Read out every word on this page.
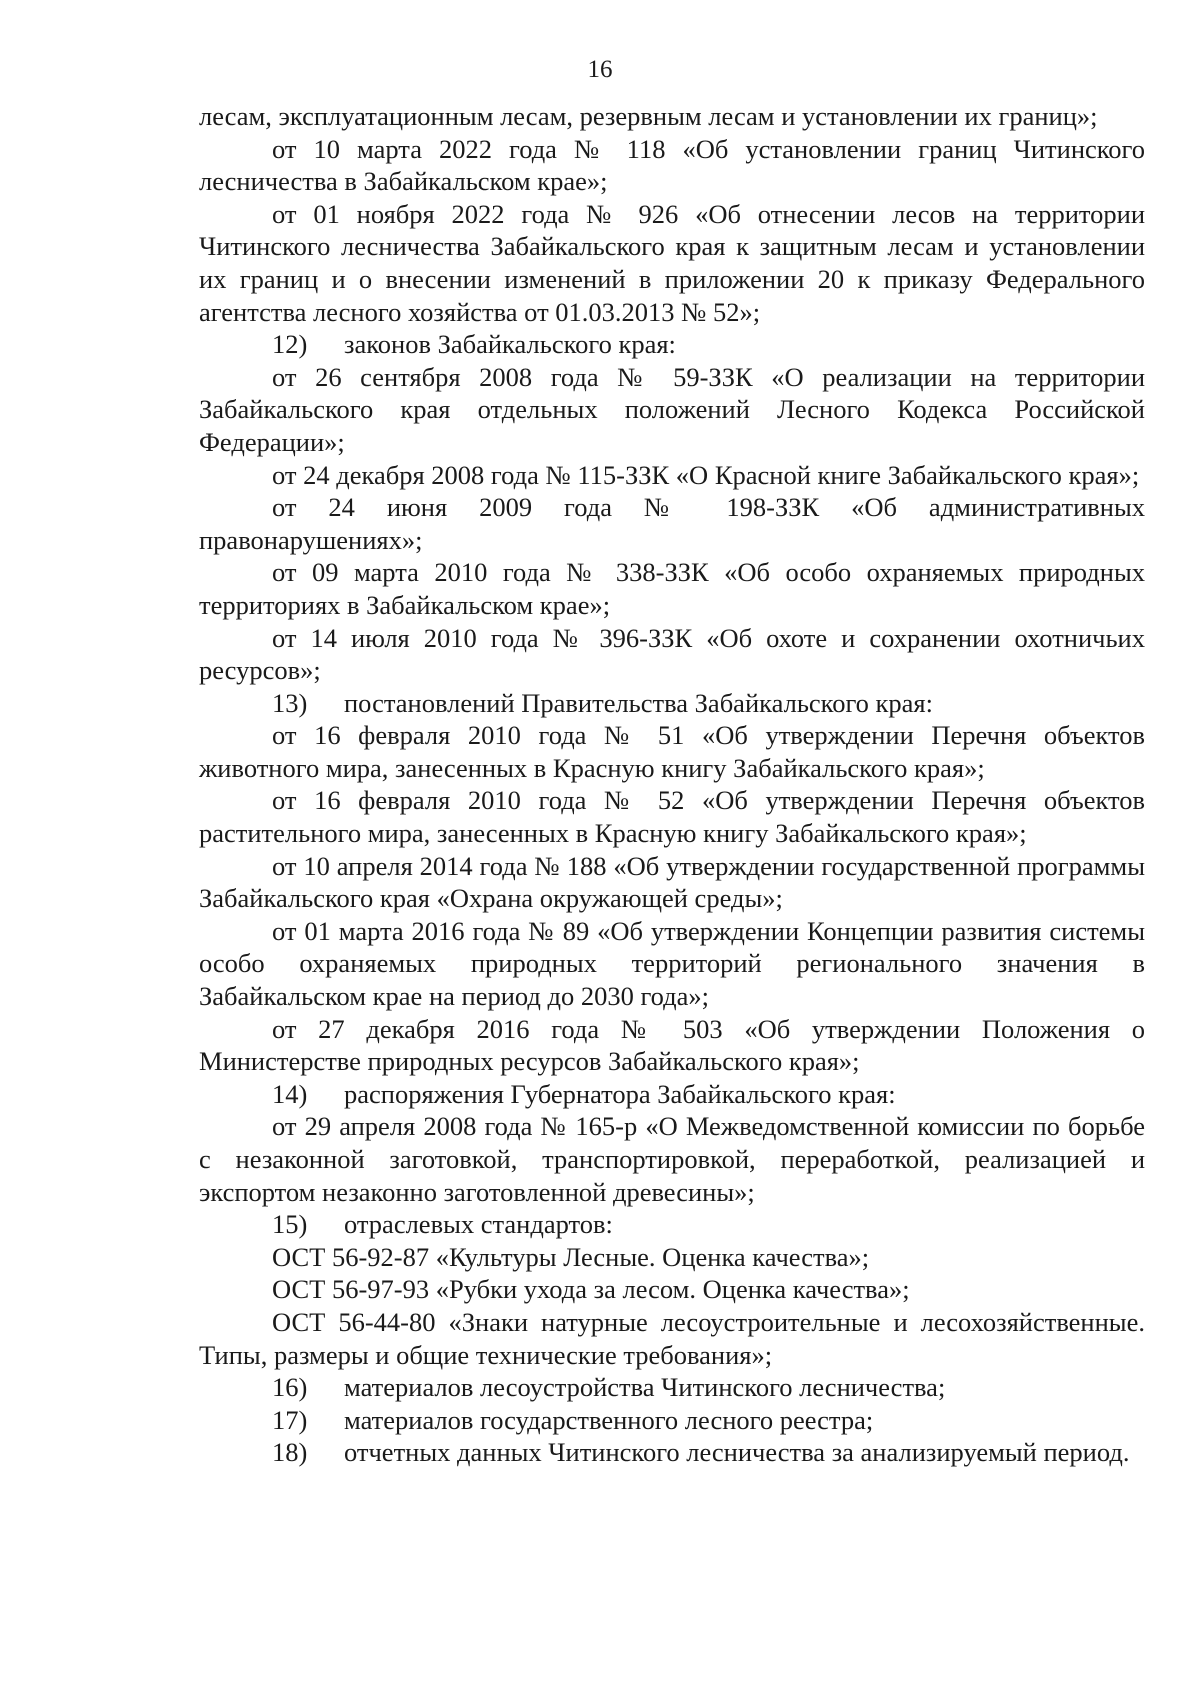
16

лесам, эксплуатационным лесам, резервным лесам и установлении их границ»;

от 10 марта 2022 года № 118 «Об установлении границ Читинского лесничества в Забайкальском крае»;

от 01 ноября 2022 года № 926 «Об отнесении лесов на территории Читинского лесничества Забайкальского края к защитным лесам и установлении их границ и о внесении изменений в приложении 20 к приказу Федерального агентства лесного хозяйства от 01.03.2013 № 52»;

12)	законов Забайкальского края:

от 26 сентября 2008 года № 59-ЗЗК «О реализации на территории Забайкальского края отдельных положений Лесного Кодекса Российской Федерации»;

от 24 декабря 2008 года № 115-ЗЗК «О Красной книге Забайкальского края»;

от 24 июня 2009 года № 198-ЗЗК «Об административных правонарушениях»;

от 09 марта 2010 года № 338-ЗЗК «Об особо охраняемых природных территориях в Забайкальском крае»;

от 14 июля 2010 года № 396-ЗЗК «Об охоте и сохранении охотничьих ресурсов»;

13)	постановлений Правительства Забайкальского края:

от 16 февраля 2010 года № 51 «Об утверждении Перечня объектов животного мира, занесенных в Красную книгу Забайкальского края»;

от 16 февраля 2010 года № 52 «Об утверждении Перечня объектов растительного мира, занесенных в Красную книгу Забайкальского края»;

от 10 апреля 2014 года № 188 «Об утверждении государственной программы Забайкальского края «Охрана окружающей среды»;

от 01 марта 2016 года № 89 «Об утверждении Концепции развития системы особо охраняемых природных территорий регионального значения в Забайкальском крае на период до 2030 года»;

от 27 декабря 2016 года № 503 «Об утверждении Положения о Министерстве природных ресурсов Забайкальского края»;

14)	распоряжения Губернатора Забайкальского края:

от 29 апреля 2008 года № 165-р «О Межведомственной комиссии по борьбе с незаконной заготовкой, транспортировкой, переработкой, реализацией и экспортом незаконно заготовленной древесины»;

15)	отраслевых стандартов:

ОСТ 56-92-87 «Культуры Лесные. Оценка качества»;

ОСТ 56-97-93 «Рубки ухода за лесом. Оценка качества»;

ОСТ 56-44-80 «Знаки натурные лесоустроительные и лесохозяйственные. Типы, размеры и общие технические требования»;

16)	материалов лесоустройства Читинского лесничества;
17)	материалов государственного лесного реестра;

18) отчетных данных Читинского лесничества за анализируемый период.
